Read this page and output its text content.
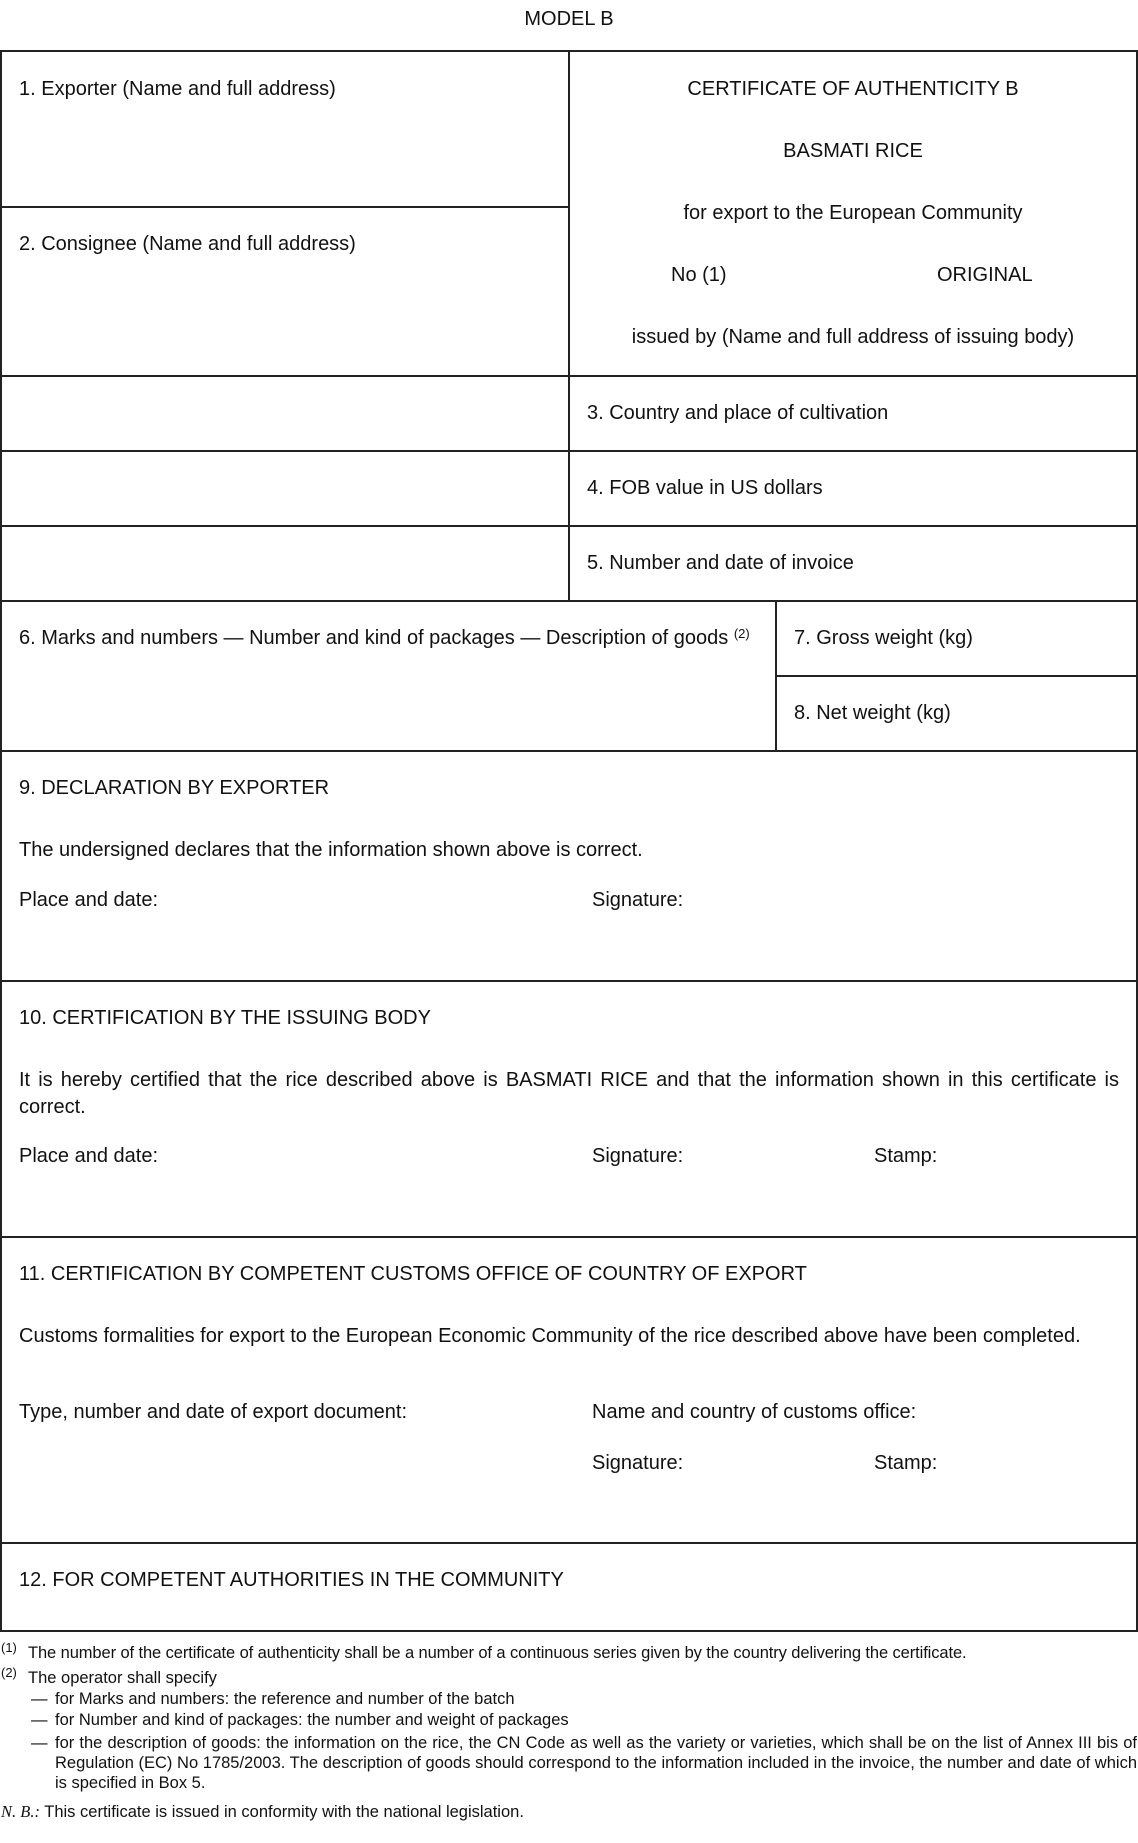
MODEL B
1. Exporter (Name and full address)
2. Consignee (Name and full address)
CERTIFICATE OF AUTHENTICITY B
BASMATI RICE
for export to the European Community
No (1)	ORIGINAL
issued by (Name and full address of issuing body)
3. Country and place of cultivation
4. FOB value in US dollars
5. Number and date of invoice
6. Marks and numbers — Number and kind of packages — Description of goods $^{(2)}$	7. Gross weight (kg)
8. Net weight (kg)
9. DECLARATION BY EXPORTER
The undersigned declares that the information shown above is correct.
Place and date:	Signature:
10. CERTIFICATION BY THE ISSUING BODY
It is hereby certified that the rice described above is BASMATI RICE and that the information shown in this certificate is correct.
Place and date:	Signature:	Stamp:
11. CERTIFICATION BY COMPETENT CUSTOMS OFFICE OF COUNTRY OF EXPORT
Customs formalities for export to the European Economic Community of the rice described above have been completed.
Type, number and date of export document:	Name and country of customs office:
Signature:	Stamp:
12. FOR COMPETENT AUTHORITIES IN THE COMMUNITY
$^{(1)}$ The number of the certificate of authenticity shall be a number of a continuous series given by the country delivering the certificate.
$^{(2)}$ The operator shall specify
— for Marks and numbers: the reference and number of the batch
— for Number and kind of packages: the number and weight of packages
— for the description of goods: the information on the rice, the CN Code as well as the variety or varieties, which shall be on the list of Annex III bis of Regulation (EC) No 1785/2003. The description of goods should correspond to the information included in the invoice, the number and date of which is specified in Box 5.
N. B.: This certificate is issued in conformity with the national legislation.
